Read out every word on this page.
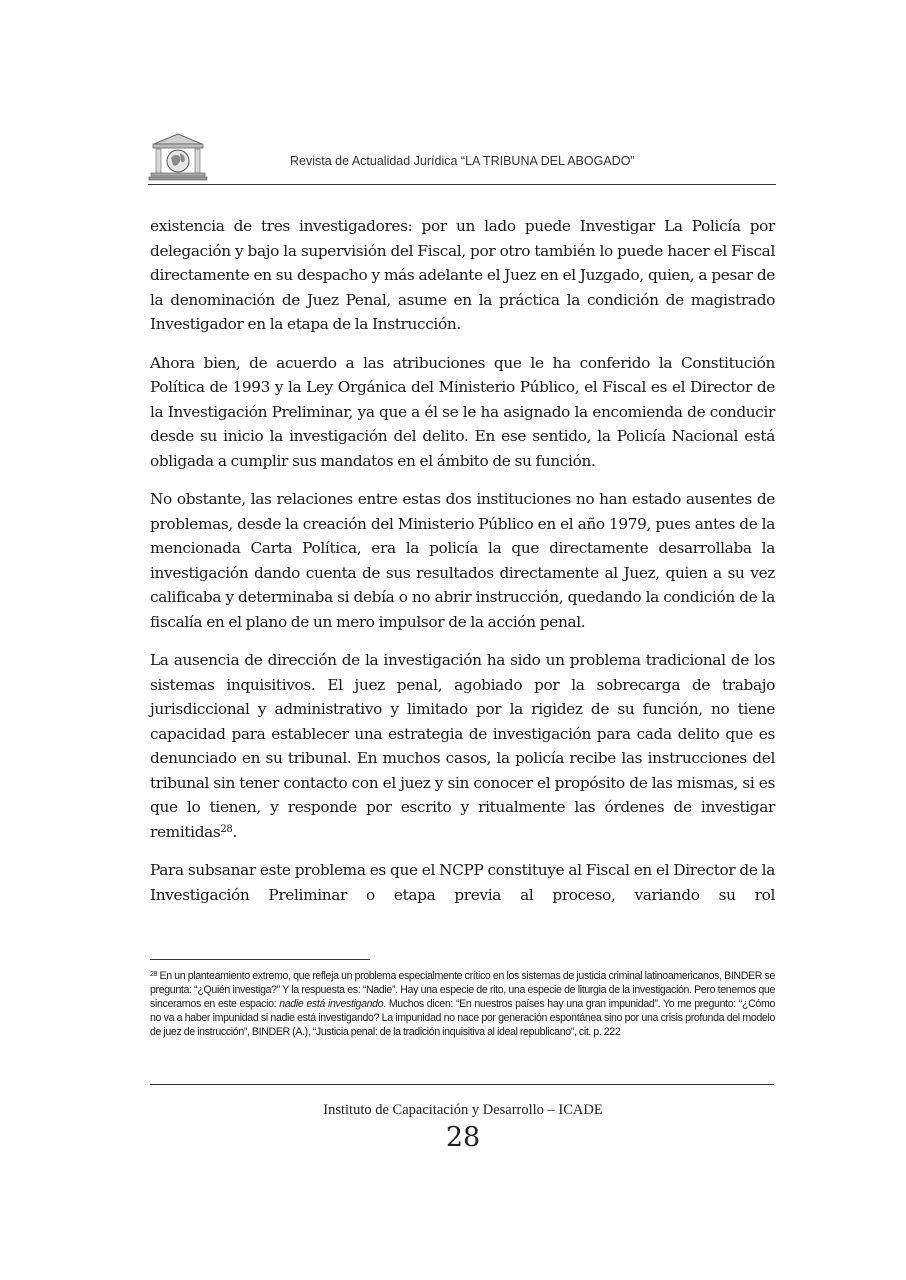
Revista de Actualidad Jurídica “LA TRIBUNA DEL ABOGADO”

existencia de tres investigadores: por un lado puede Investigar La Policía por delegación y bajo la supervisión del Fiscal, por otro también lo puede hacer el Fiscal directamente en su despacho y más adelante el Juez en el Juzgado, quien, a pesar de la denominación de Juez Penal, asume en la práctica la condición de magistrado Investigador en la etapa de la Instrucción.

Ahora bien, de acuerdo a las atribuciones que le ha conferido la Constitución Política de 1993 y la Ley Orgánica del Ministerio Público, el Fiscal es el Director de la Investigación Preliminar, ya que a él se le ha asignado la encomienda de conducir desde su inicio la investigación del delito. En ese sentido, la Policía Nacional está obligada a cumplir sus mandatos en el ámbito de su función.

No obstante, las relaciones entre estas dos instituciones no han estado ausentes de problemas, desde la creación del Ministerio Público en el año 1979, pues antes de la mencionada Carta Política, era la policía la que directamente desarrollaba la investigación dando cuenta de sus resultados directamente al Juez, quien a su vez calificaba y determinaba si debía o no abrir instrucción, quedando la condición de la fiscalía en el plano de un mero impulsor de la acción penal.

La ausencia de dirección de la investigación ha sido un problema tradicional de los sistemas inquisitivos. El juez penal, agobiado por la sobrecarga de trabajo jurisdiccional y administrativo y limitado por la rigidez de su función, no tiene capacidad para establecer una estrategia de investigación para cada delito que es denunciado en su tribunal. En muchos casos, la policía recibe las instrucciones del tribunal sin tener contacto con el juez y sin conocer el propósito de las mismas, si es que lo tienen, y responde por escrito y ritualmente las órdenes de investigar remitidas$^{28}$.

Para subsanar este problema es que el NCPP constituye al Fiscal en el Director de la Investigación Preliminar o etapa previa al proceso, variando su rol

$^{28}$ En un planteamiento extremo, que refleja un problema especialmente crítico en los sistemas de justicia criminal latinoamericanos, BINDER se pregunta: “¿Quién investiga?” Y la respuesta es: “Nadie”. Hay una especie de rito, una especie de liturgia de la investigación. Pero tenemos que sincerarnos en este espacio: nadie está investigando. Muchos dicen: “En nuestros países hay una gran impunidad”. Yo me pregunto: “¿Cómo no va a haber impunidad si nadie está investigando? La impunidad no nace por generación espontánea sino por una crisis profunda del modelo de juez de instrucción”, BINDER (A.), “Justicia penal: de la tradición inquisitiva al ideal republicano”, cit. p. 222
Instituto de Capacitación y Desarrollo – ICADE
28
